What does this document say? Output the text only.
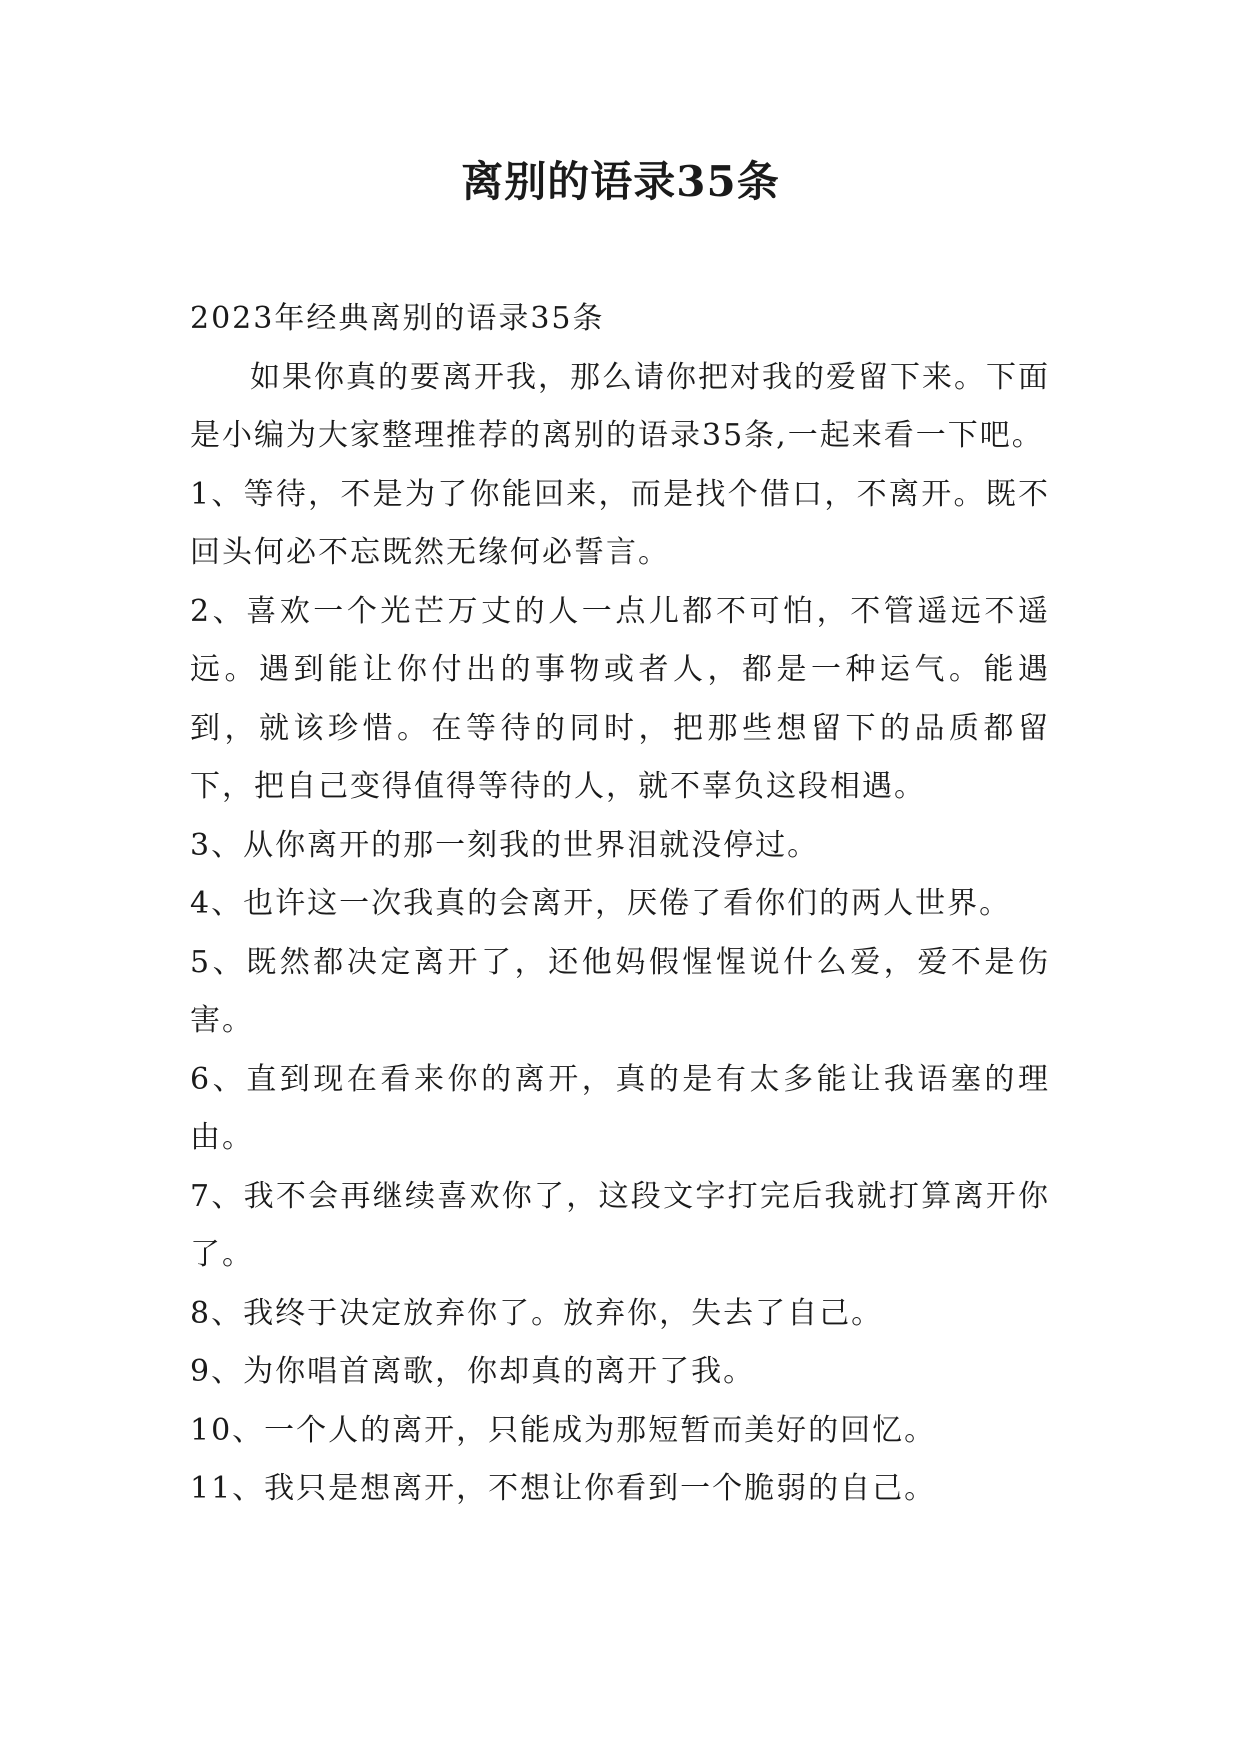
离别的语录35条

2023年经典离别的语录35条

如果你真的要离开我，那么请你把对我的爱留下来。下面是小编为大家整理推荐的离别的语录35条,一起来看一下吧。

1、等待，不是为了你能回来，而是找个借口，不离开。既不回头何必不忘既然无缘何必誓言。

2、喜欢一个光芒万丈的人一点儿都不可怕，不管遥远不遥远。遇到能让你付出的事物或者人，都是一种运气。能遇到，就该珍惜。在等待的同时，把那些想留下的品质都留下，把自己变得值得等待的人，就不辜负这段相遇。

3、从你离开的那一刻我的世界泪就没停过。

4、也许这一次我真的会离开，厌倦了看你们的两人世界。

5、既然都决定离开了，还他妈假惺惺说什么爱，爱不是伤害。

6、直到现在看来你的离开，真的是有太多能让我语塞的理由。

7、我不会再继续喜欢你了，这段文字打完后我就打算离开你了。

8、我终于决定放弃你了。放弃你，失去了自己。

9、为你唱首离歌，你却真的离开了我。

10、一个人的离开，只能成为那短暂而美好的回忆。

11、我只是想离开，不想让你看到一个脆弱的自己。
